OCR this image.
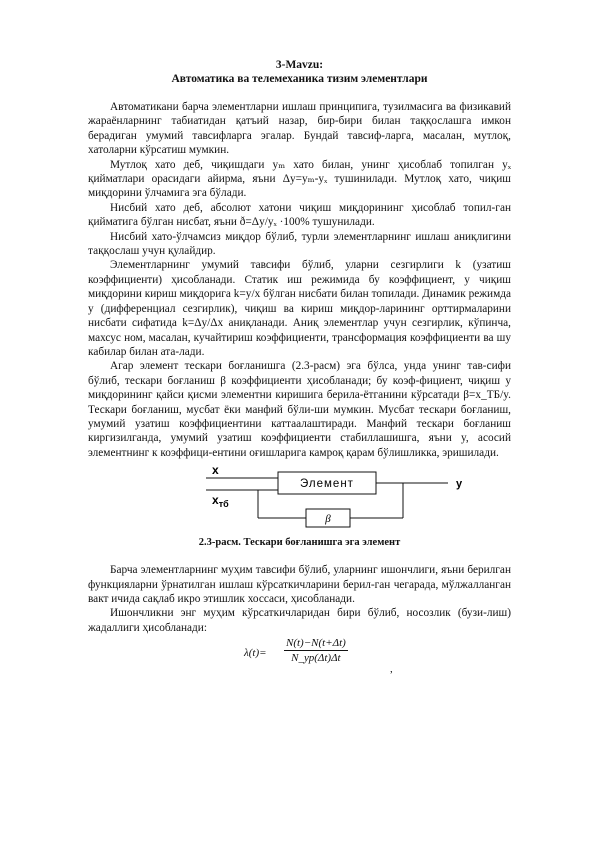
3-Mavzu:
Автоматика ва телемеханика тизим элементлари

Автоматикани барча элементларни ишлаш принципига, тузилмасига ва физикавий жараёнларнинг табиатидан қатъий назар, бир-бири билан таққослашга имкон берадиган умумий тавсифларга эгалар. Бундай тавсиф-ларга, масалан, мутлоқ, хатоларни кўрсатиш мумкин.

Мутлоқ хато деб, чиқишдаги yₘ хато билан, унинг ҳисоблаб топилган yₓ қийматлари орасидаги айирма, яъни Δy=yₘ-yₓ тушинилади. Мутлоқ хато, чиқиш миқдорини ўлчамига эга бўлади.

Нисбий хато деб, абсолют хатони чиқиш миқдорининг ҳисоблаб топил-ган қийматига бўлган нисбат, яъни ð=Δy/yₓ ·100% тушунилади.

Нисбий хато-ўлчамсиз миқдор бўлиб, турли элементларнинг ишлаш аниқлигини таққослаш учун қулайдир.

Элементларнинг умумий тавсифи бўлиб, уларни сезгирлиги k (узатиш коэффициенти) ҳисобланади. Статик иш режимида бу коэффициент, y чиқиш миқдорини кириш миқдорига k=y/x бўлган нисбати билан топилади. Динамик режимда у (дифференциал сезгирлик), чиқиш ва кириш миқдор-ларининг орттирмаларини нисбати сифатида k=Δy/Δx аниқланади. Аниқ элементлар учун сезгирлик, кўпинча, махсус ном, масалан, кучайтириш коэффициенти, трансформация коэффициенти ва шу кабилар билан ата-лади.

Агар элемент тескари боғланишга (2.3-расм) эга бўлса, унда унинг тав-сифи бўлиб, тескари боғланиш β коэффициенти ҳисобланади; бу коэф-фициент, чиқиш y миқдорининг қайси қисми элементни киришига берила-ётганини кўрсатади β=x_ТБ/y. Тескари боғланиш, мусбат ёки манфий бўли-ши мумкин. Мусбат тескари боғланиш, умумий узатиш коэффициентини каттаалаштиради. Манфий тескари боғланиш киргизилганда, умумий узатиш коэффициенти стабиллашишга, яъни y, асосий элементнинг к коэффици-ентини оғишларига камроқ қарам бўлишликка, эришилади.

Элемент
x
$x_{тб}$
y
β
2.3-расм. Тескари боғланишга эга элемент

Барча элементларнинг муҳим тавсифи бўлиб, уларнинг ишончлиги, яъни берилган функцияларни ўрнатилган ишлаш кўрсаткичларини берил-ган чегарада, мўлжалланган вакт ичида сақлаб икро этишлик хоссаси, ҳисобланади.

Ишончликни энг муҳим кўрсаткичларидан бири бўлиб, носозлик (бузи-лиш) жадаллиги ҳисобланади:

λ(t)=
N(t)−N(t+Δt)
N_ур(Δt)Δt
,
